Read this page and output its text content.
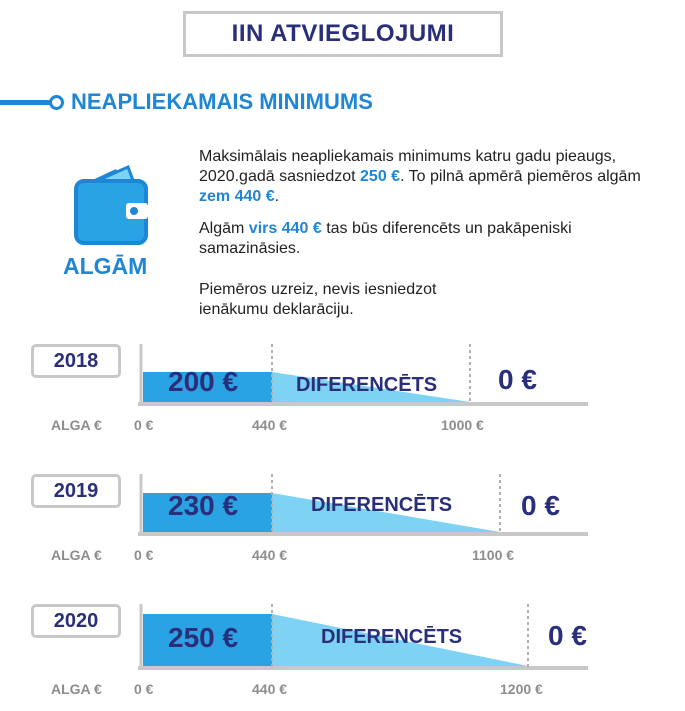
IIN ATVIEGLOJUMI
NEAPLIEKAMAIS MINIMUMS
ALGĀM
Maksimālais neapliekamais minimums katru gadu pieaugs, 2020.gadā sasniedzot 250 €. To pilnā apmērā piemēros algām zem 440 €.
Algām virs 440 € tas būs diferencēts un pakāpeniski samazināsies.
Piemēros uzreiz, nevis iesniedzot ienākumu deklarāciju.
2018
200 €	DIFERENCĒTS 0 €
ALGA € 0 €	440 €	1000 €
2019	230 €	DIFERENCĒTS 0 €
ALGA € 0 €	440 €	1100 €
2020
250 €	DIFERENCĒTS	0 €
ALGA € 0 €	440 €	1200 €
